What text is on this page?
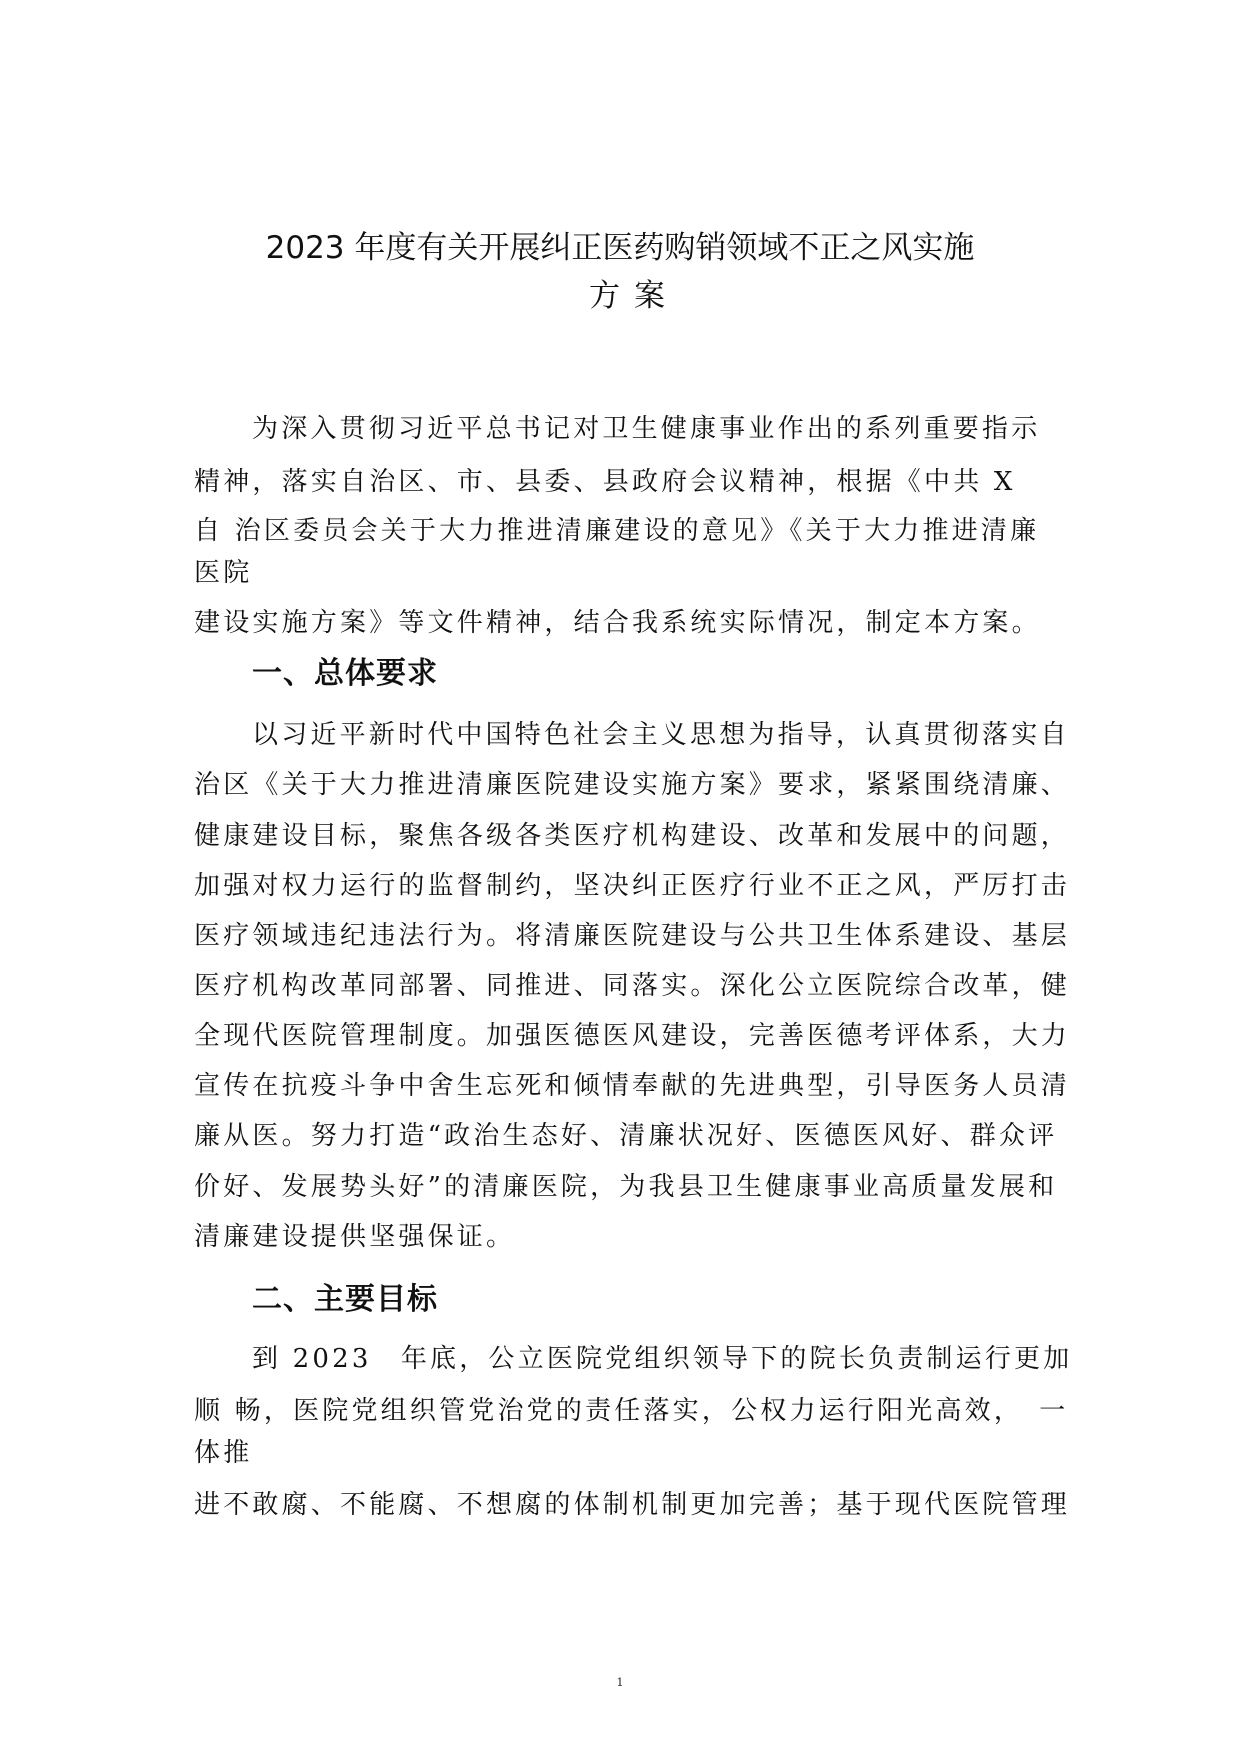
2023 年度有关开展纠正医药购销领域不正之风实施
方案

为深入贯彻习近平总书记对卫生健康事业作出的系列重要指示

精神，落实自治区、市、县委、县政府会议精神，根据《中共 X

自 治区委员会关于大力推进清廉建设的意见》《关于大力推进清廉

医院

建设实施方案》等文件精神，结合我系统实际情况，制定本方案。

一、总体要求

以习近平新时代中国特色社会主义思想为指导，认真贯彻落实自

治区《关于大力推进清廉医院建设实施方案》要求，紧紧围绕清廉、

健康建设目标，聚焦各级各类医疗机构建设、改革和发展中的问题，

加强对权力运行的监督制约，坚决纠正医疗行业不正之风，严厉打击

医疗领域违纪违法行为。将清廉医院建设与公共卫生体系建设、基层

医疗机构改革同部署、同推进、同落实。深化公立医院综合改革，健

全现代医院管理制度。加强医德医风建设，完善医德考评体系，大力

宣传在抗疫斗争中舍生忘死和倾情奉献的先进典型，引导医务人员清

廉从医。努力打造“政治生态好、清廉状况好、医德医风好、群众评

价好、发展势头好”的清廉医院，为我县卫生健康事业高质量发展和

清廉建设提供坚强保证。

二、主要目标

到 2023　年底，公立医院党组织领导下的院长负责制运行更加

顺 畅，医院党组织管党治党的责任落实，公权力运行阳光高效，　一

体推

进不敢腐、不能腐、不想腐的体制机制更加完善；基于现代医院管理

1
